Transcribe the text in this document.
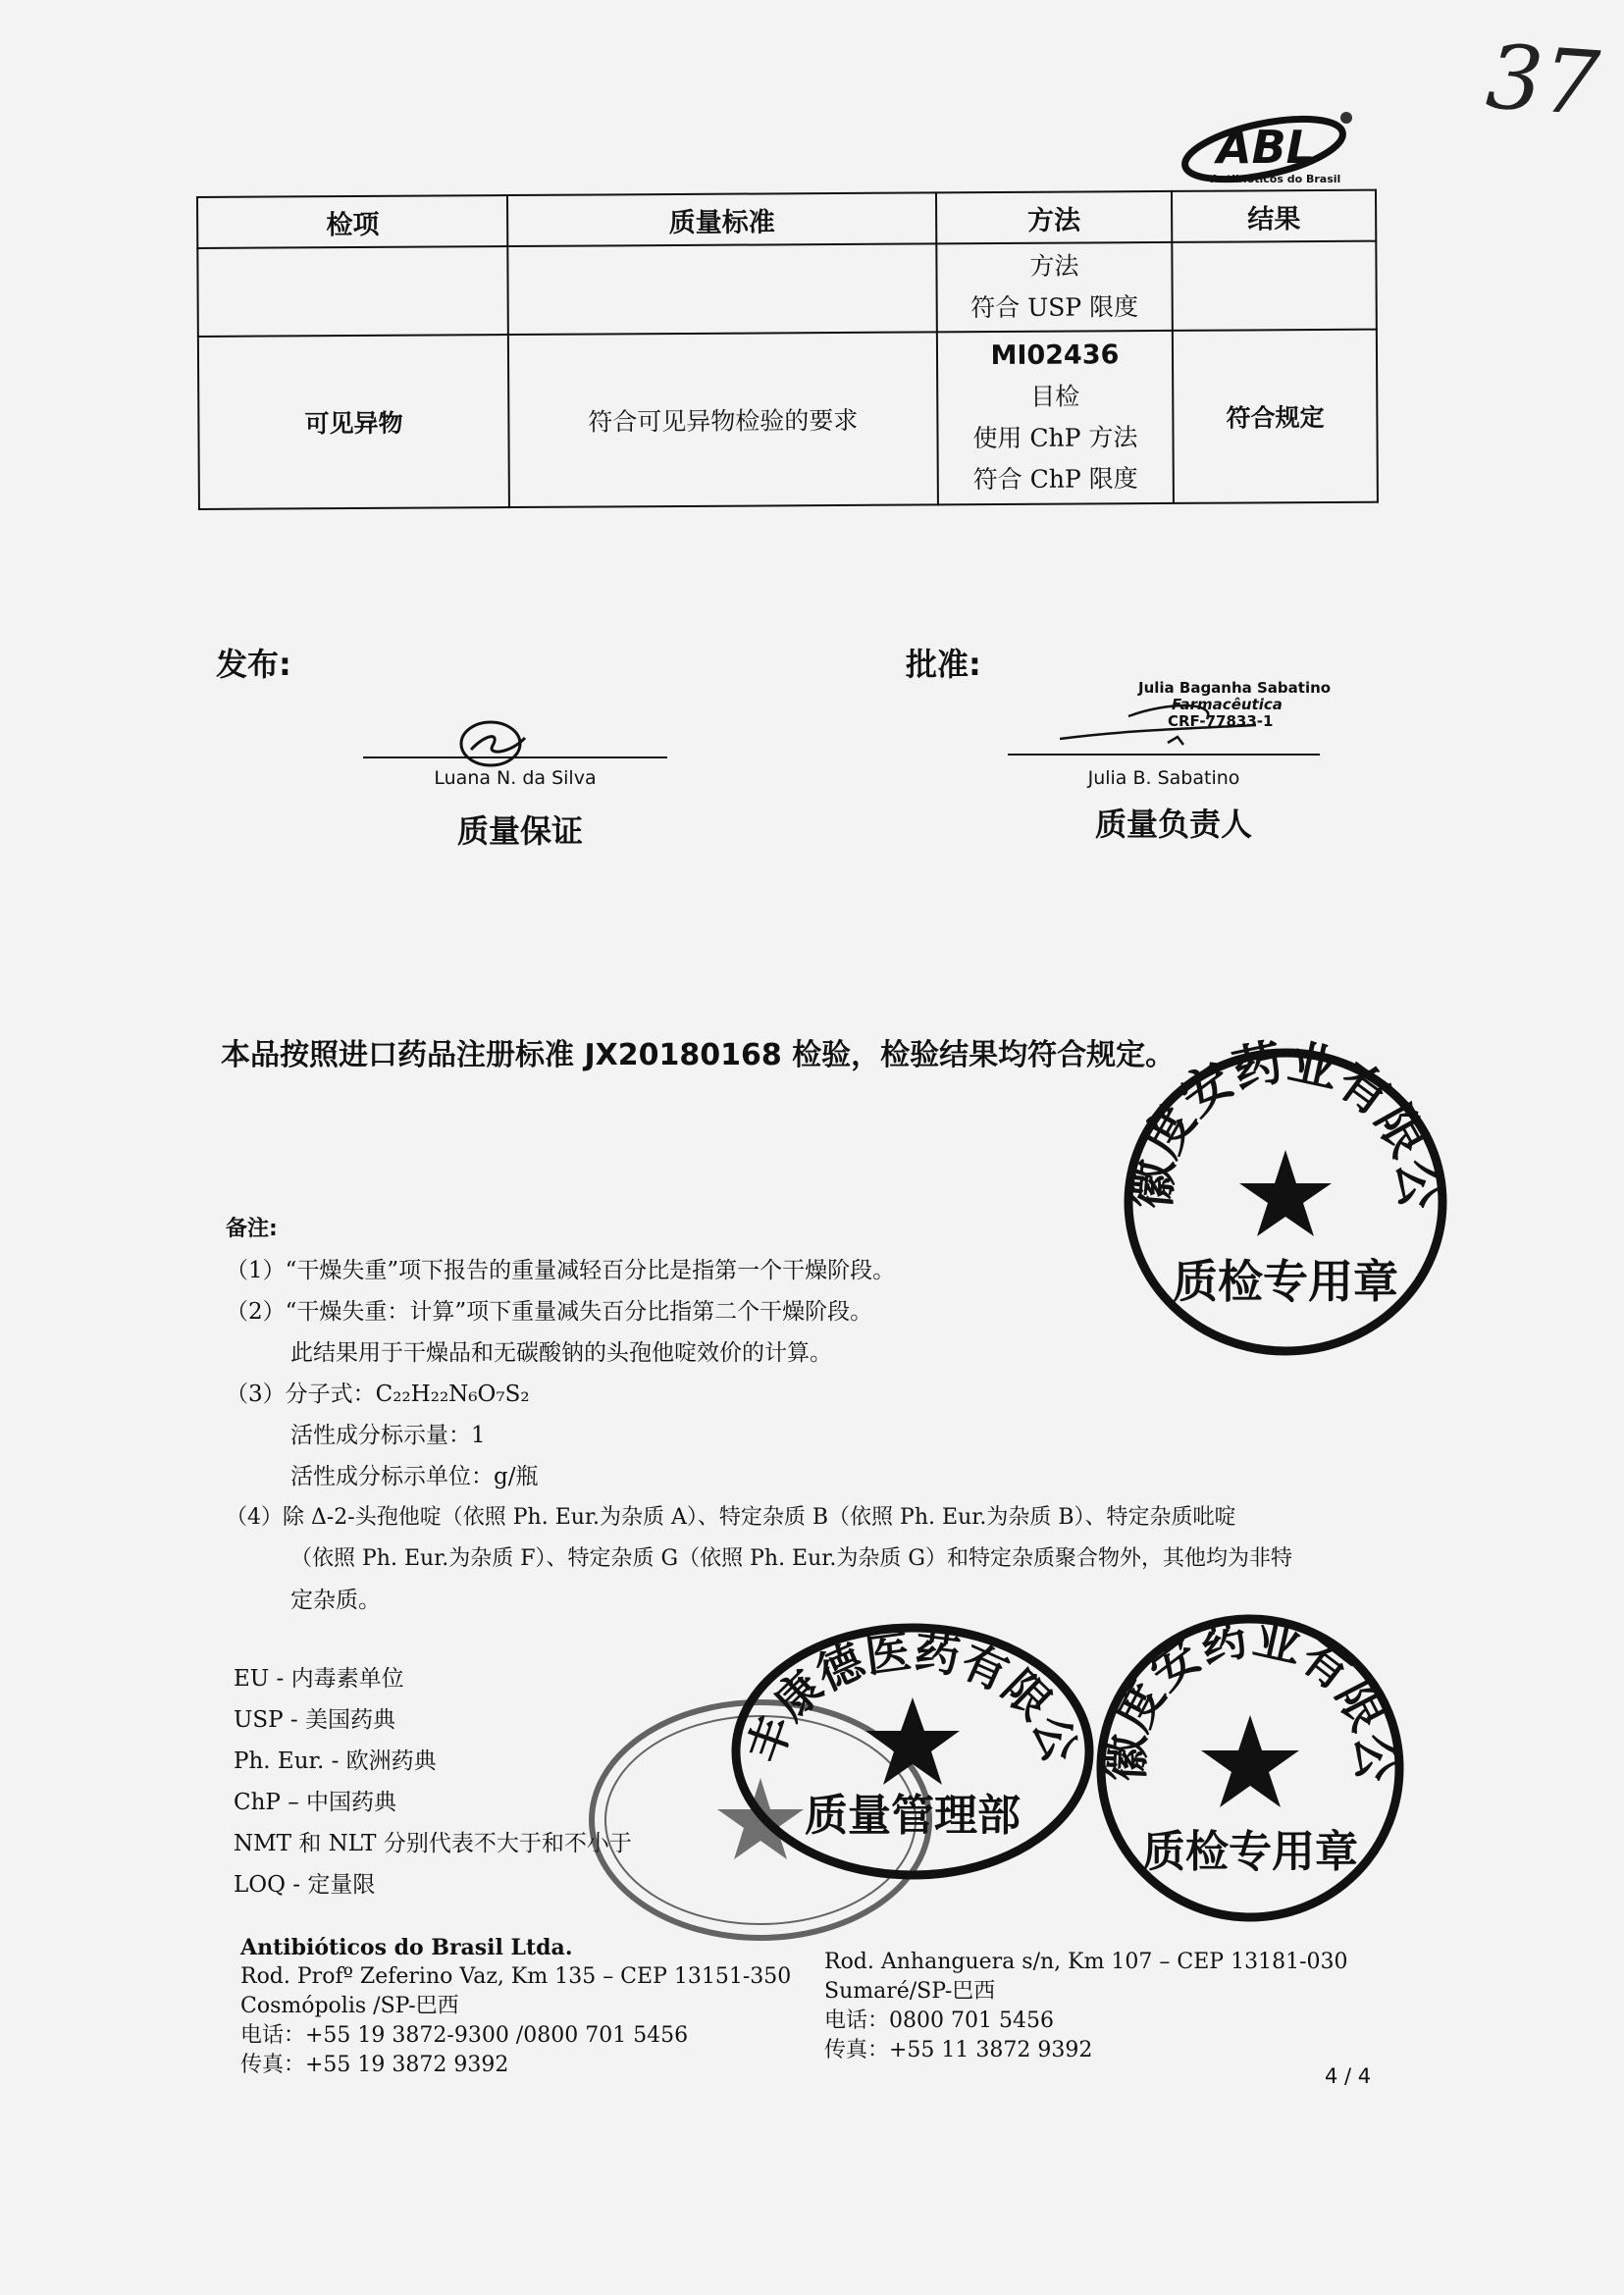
37
ABL
Antibióticos do Brasil
检项	质量标准	方法	结果

		方法
符合 USP 限度	

可见异物	符合可见异物检验的要求	MI02436
目检
使用 ChP 方法
符合 ChP 限度	符合规定
发布:	批准:
Luana N. da Silva
质量保证
Julia Baganha Sabatino
Farmacêutica
CRF-77833-1
Julia B. Sabatino
质量负责人
本品按照进口药品注册标准 JX20180168 检验，检验结果均符合规定。
安徽度安药业有限公司
质检专用章
备注:
（1）“干燥失重”项下报告的重量减轻百分比是指第一个干燥阶段。
（2）“干燥失重：计算”项下重量减失百分比指第二个干燥阶段。
此结果用于干燥品和无碳酸钠的头孢他啶效价的计算。
（3）分子式：C₂₂H₂₂N₆O₇S₂
活性成分标示量：1
活性成分标示单位：g/瓶
（4）除 Δ-2-头孢他啶（依照 Ph. Eur.为杂质 A）、特定杂质 B（依照 Ph. Eur.为杂质 B）、特定杂质吡啶
（依照 Ph. Eur.为杂质 F）、特定杂质 G（依照 Ph. Eur.为杂质 G）和特定杂质聚合物外，其他均为非特
定杂质。
EU - 内毒素单位
USP - 美国药典
Ph. Eur. - 欧洲药典
ChP – 中国药典
NMT 和 NLT 分别代表不大于和不小于
LOQ - 定量限
西丰康德医药有限公司
质量管理部
安徽度安药业有限公司
质检专用章
Antibióticos do Brasil Ltda.
Rod. Profº Zeferino Vaz, Km 135 – CEP 13151-350
Cosmópolis /SP-巴西
电话：+55 19 3872-9300 /0800 701 5456
传真：+55 19 3872 9392
Rod. Anhanguera s/n, Km 107 – CEP 13181-030
Sumaré/SP-巴西
电话：0800 701 5456
传真：+55 11 3872 9392
4 / 4
